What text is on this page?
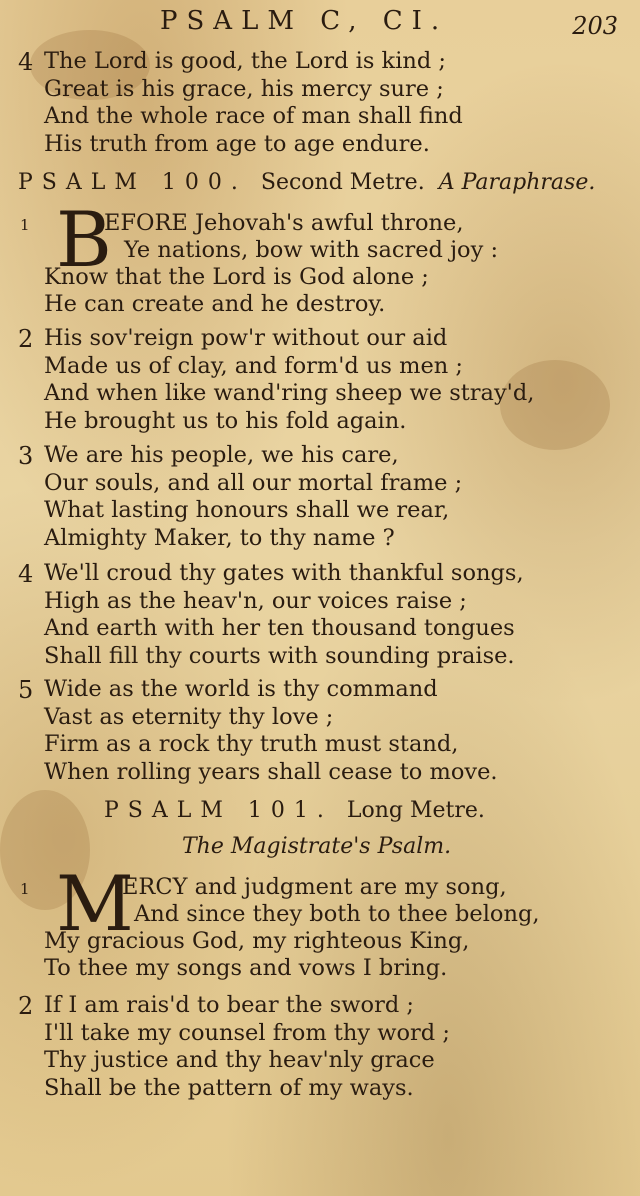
PSALM C, CI.	203
4 The Lord is good, the Lord is kind ;
Great is his grace, his mercy sure ;
And the whole race of man shall find
His truth from age to age endure.
PSALM 100. Second Metre. A Paraphrase.
1 B
EFORE Jehovah's awful throne,
Ye nations, bow with sacred joy :
Know that the Lord is God alone ;
He can create and he destroy.
2 His sov'reign pow'r without our aid
Made us of clay, and form'd us men ;
And when like wand'ring sheep we stray'd,
He brought us to his fold again.
3 We are his people, we his care,
Our souls, and all our mortal frame ;
What lasting honours shall we rear,
Almighty Maker, to thy name ?
4 We'll croud thy gates with thankful songs,
High as the heav'n, our voices raise ;
And earth with her ten thousand tongues
Shall fill thy courts with sounding praise.
5 Wide as the world is thy command
Vast as eternity thy love ;
Firm as a rock thy truth must stand,
When rolling years shall cease to move.
PSALM 101. Long Metre.
The Magistrate's Psalm.
1 M
ERCY and judgment are my song,
And since they both to thee belong,
My gracious God, my righteous King,
To thee my songs and vows I bring.
2 If I am rais'd to bear the sword ;
I'll take my counsel from thy word ;
Thy justice and thy heav'nly grace
Shall be the pattern of my ways.
